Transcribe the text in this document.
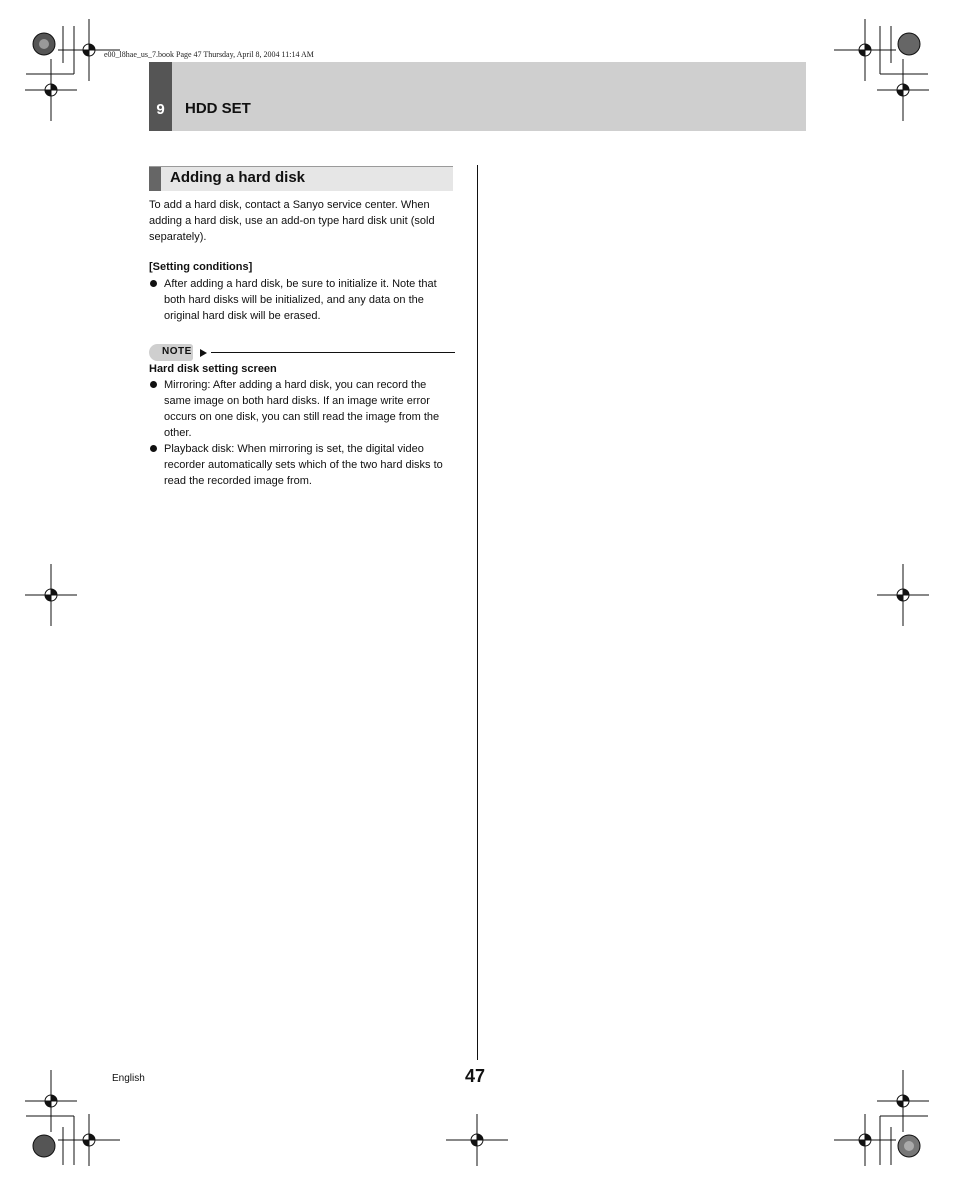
e00_l8hae_us_7.book Page 47 Thursday, April 8, 2004 11:14 AM
9	HDD SET
Adding a hard disk
To add a hard disk, contact a Sanyo service center. When adding a hard disk, use an add-on type hard disk unit (sold separately).
[Setting conditions]
After adding a hard disk, be sure to initialize it. Note that both hard disks will be initialized, and any data on the original hard disk will be erased.
NOTE
Hard disk setting screen
Mirroring: After adding a hard disk, you can record the same image on both hard disks. If an image write error occurs on one disk, you can still read the image from the other.
Playback disk: When mirroring is set, the digital video recorder automatically sets which of the two hard disks to read the recorded image from.
English	47
